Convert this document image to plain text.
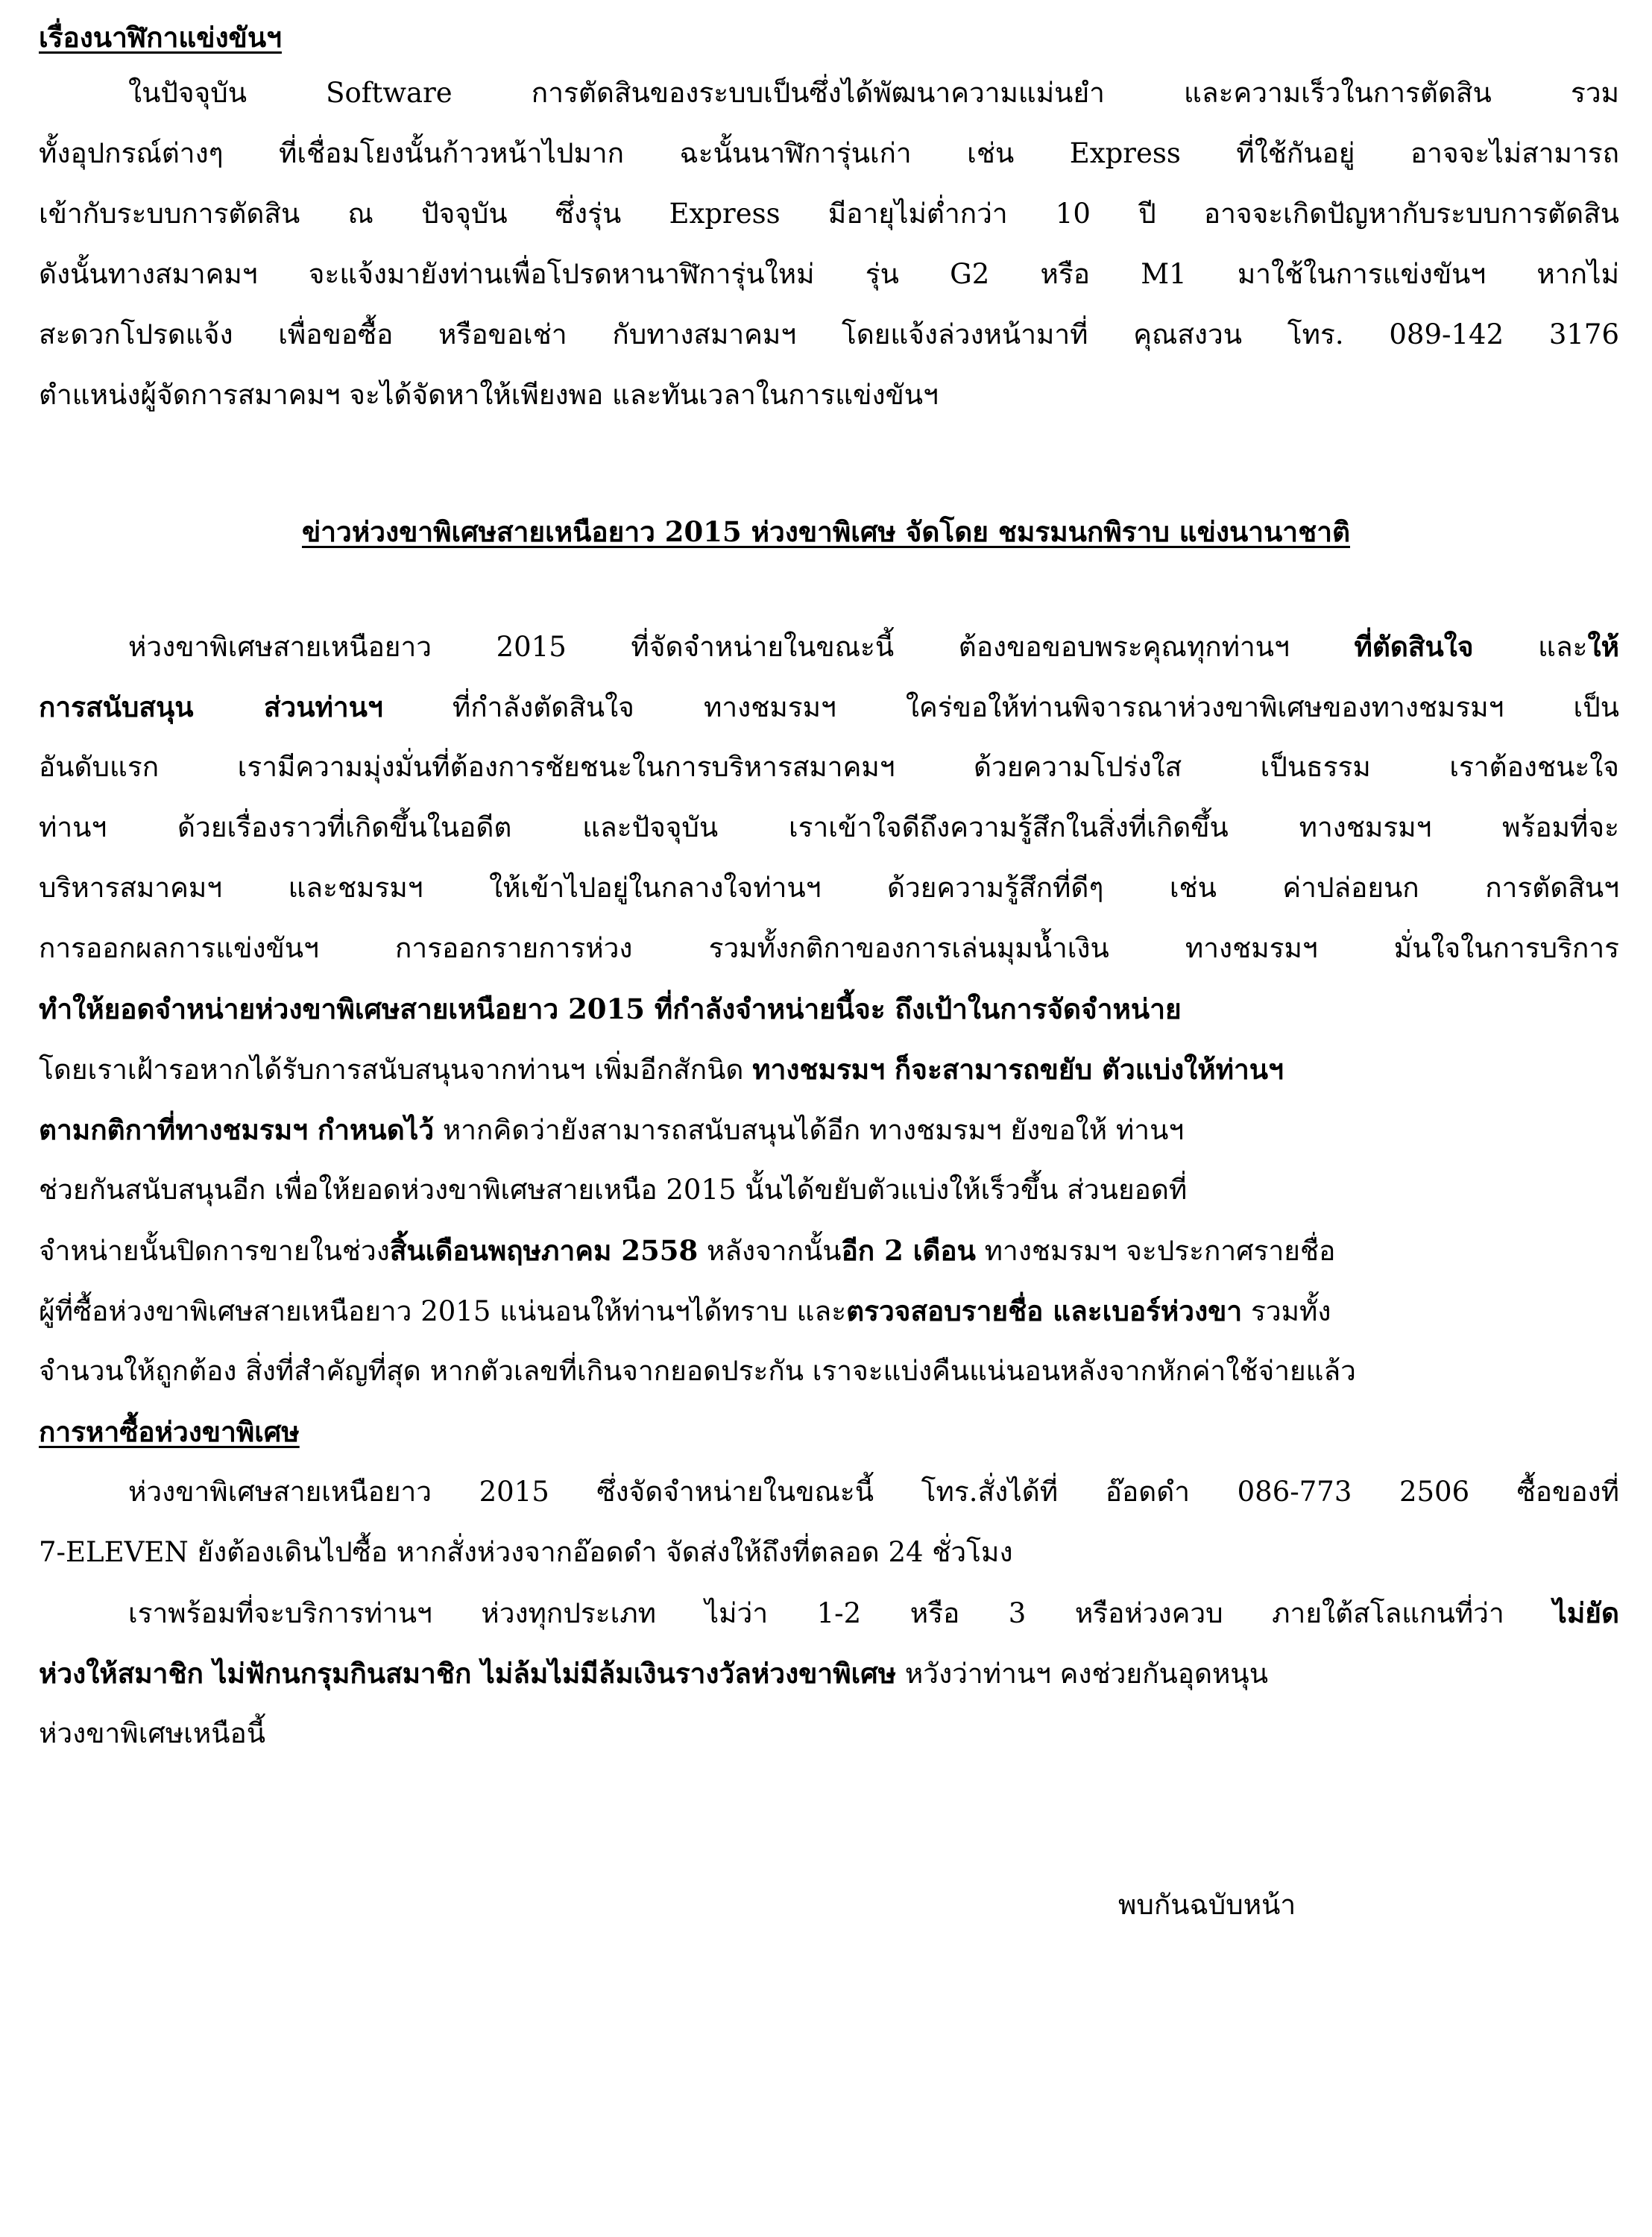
เรื่องนาฬิกาแข่งขันฯ
ในปัจจุบัน Software การตัดสินของระบบเป็นซึ่งได้พัฒนาความแม่นยำ และความเร็วในการตัดสิน รวม
ทั้งอุปกรณ์ต่างๆ ที่เชื่อมโยงนั้นก้าวหน้าไปมาก ฉะนั้นนาฬิการุ่นเก่า เช่น Express ที่ใช้กันอยู่ อาจจะไม่สามารถ
เข้ากับระบบการตัดสิน ณ ปัจจุบัน ซึ่งรุ่น Express มีอายุไม่ต่ำกว่า 10 ปี อาจจะเกิดปัญหากับระบบการตัดสิน
ดังนั้นทางสมาคมฯ จะแจ้งมายังท่านเพื่อโปรดหานาฬิการุ่นใหม่ รุ่น G2 หรือ M1 มาใช้ในการแข่งขันฯ หากไม่
สะดวกโปรดแจ้ง เพื่อขอซื้อ หรือขอเช่า กับทางสมาคมฯ โดยแจ้งล่วงหน้ามาที่ คุณสงวน โทร. 089-142 3176
ตำแหน่งผู้จัดการสมาคมฯ จะได้จัดหาให้เพียงพอ และทันเวลาในการแข่งขันฯ
ข่าวห่วงขาพิเศษสายเหนือยาว 2015 ห่วงขาพิเศษ จัดโดย ชมรมนกพิราบ แข่งนานาชาติ
ห่วงขาพิเศษสายเหนือยาว 2015 ที่จัดจำหน่ายในขณะนี้ ต้องขอขอบพระคุณทุกท่านฯ ที่ตัดสินใจ และให้
การสนับสนุน ส่วนท่านฯ ที่กำลังตัดสินใจ ทางชมรมฯ ใคร่ขอให้ท่านพิจารณาห่วงขาพิเศษของทางชมรมฯ เป็น
อันดับแรก เรามีความมุ่งมั่นที่ต้องการชัยชนะในการบริหารสมาคมฯ ด้วยความโปร่งใส เป็นธรรม เราต้องชนะใจ
ท่านฯ ด้วยเรื่องราวที่เกิดขึ้นในอดีต และปัจจุบัน เราเข้าใจดีถึงความรู้สึกในสิ่งที่เกิดขึ้น ทางชมรมฯ พร้อมที่จะ
บริหารสมาคมฯ และชมรมฯ ให้เข้าไปอยู่ในกลางใจท่านฯ ด้วยความรู้สึกที่ดีๆ เช่น ค่าปล่อยนก การตัดสินฯ
การออกผลการแข่งขันฯ การออกรายการห่วง รวมทั้งกติกาของการเล่นมุมน้ำเงิน ทางชมรมฯ มั่นใจในการบริการ
ทำให้ยอดจำหน่ายห่วงขาพิเศษสายเหนือยาว 2015 ที่กำลังจำหน่ายนี้จะ ถึงเป้าในการจัดจำหน่าย
โดยเราเฝ้ารอหากได้รับการสนับสนุนจากท่านฯ เพิ่มอีกสักนิด ทางชมรมฯ ก็จะสามารถขยับ ตัวแบ่งให้ท่านฯ
ตามกติกาที่ทางชมรมฯ กำหนดไว้ หากคิดว่ายังสามารถสนับสนุนได้อีก ทางชมรมฯ ยังขอให้ ท่านฯ
ช่วยกันสนับสนุนอีก เพื่อให้ยอดห่วงขาพิเศษสายเหนือ 2015 นั้นได้ขยับตัวแบ่งให้เร็วขึ้น ส่วนยอดที่
จำหน่ายนั้นปิดการขายในช่วงสิ้นเดือนพฤษภาคม 2558 หลังจากนั้นอีก 2 เดือน ทางชมรมฯ จะประกาศรายชื่อ
ผู้ที่ซื้อห่วงขาพิเศษสายเหนือยาว 2015 แน่นอนให้ท่านฯได้ทราบ และตรวจสอบรายชื่อ และเบอร์ห่วงขา รวมทั้ง
จำนวนให้ถูกต้อง สิ่งที่สำคัญที่สุด หากตัวเลขที่เกินจากยอดประกัน เราจะแบ่งคืนแน่นอนหลังจากหักค่าใช้จ่ายแล้ว
การหาซื้อห่วงขาพิเศษ
ห่วงขาพิเศษสายเหนือยาว 2015 ซึ่งจัดจำหน่ายในขณะนี้ โทร.สั่งได้ที่ อ๊อดดำ 086-773 2506 ซื้อของที่
7-ELEVEN ยังต้องเดินไปซื้อ หากสั่งห่วงจากอ๊อดดำ จัดส่งให้ถึงที่ตลอด 24 ชั่วโมง
เราพร้อมที่จะบริการท่านฯ ห่วงทุกประเภท ไม่ว่า 1-2 หรือ 3 หรือห่วงควบ ภายใต้สโลแกนที่ว่า ไม่ยัด
ห่วงให้สมาชิก ไม่ฟักนกรุมกินสมาชิก ไม่ล้มไม่มีล้มเงินรางวัลห่วงขาพิเศษ หวังว่าท่านฯ คงช่วยกันอุดหนุน
ห่วงขาพิเศษเหนือนี้
พบกันฉบับหน้า
